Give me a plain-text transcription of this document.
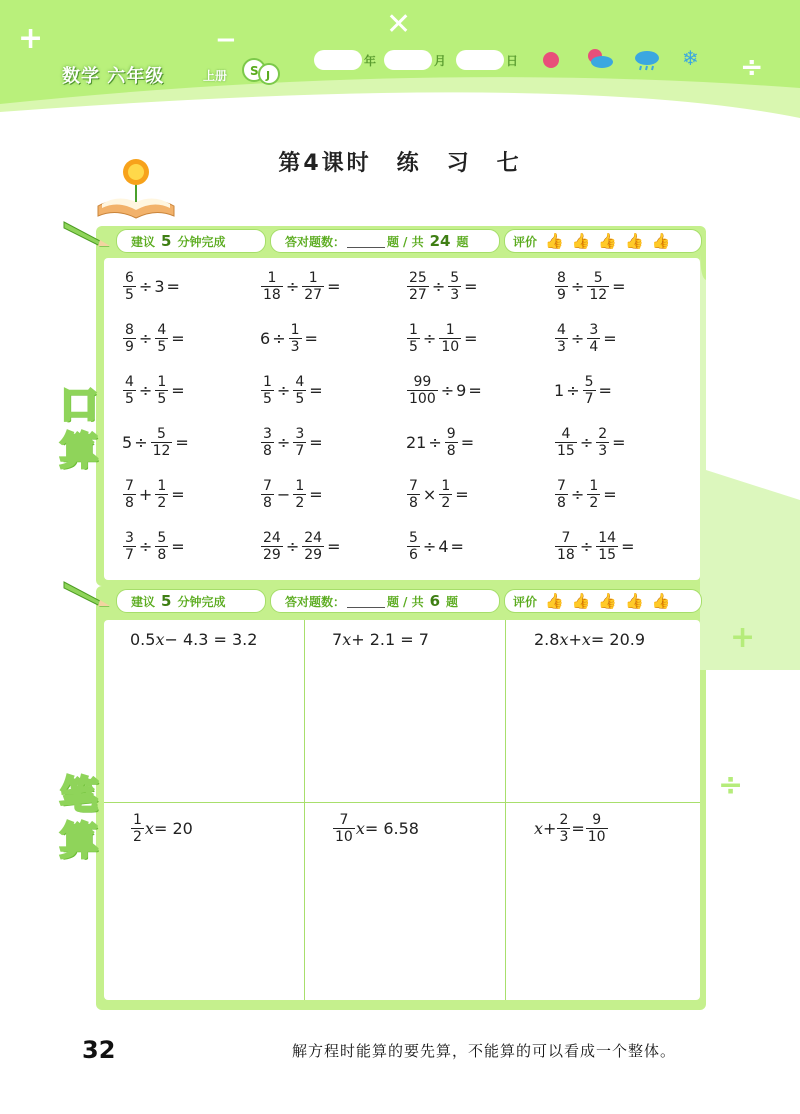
+	✕
−
÷
数学 六年级	上册 S J
年	月	日	❄
第4课时　练　习　七
+
÷
建议 5 分钟完成	答对题数：	题 / 共 24 题	评价 👍👍👍👍👍
建议 5 分钟完成	答对题数：	题 / 共 6 题	评价 👍👍👍👍👍
口
算
笔
算
$\frac{6}{5} \div 3$ =	$\frac{1}{18} \div \frac{1}{27}$ =	$\frac{25}{27} \div \frac{5}{3}$ =	$\frac{8}{9} \div \frac{5}{12}$ =
$\frac{8}{9} \div \frac{4}{5}$ =	$6 \div \frac{1}{3}$ =	$\frac{1}{5} \div \frac{1}{10}$ =	$\frac{4}{3} \div \frac{3}{4}$ =
$\frac{4}{5} \div \frac{1}{5}$ =	$\frac{1}{5} \div \frac{4}{5}$ =	$\frac{99}{100} \div 9$ =	$1 \div \frac{5}{7}$ =
$5 \div \frac{5}{12}$ =	$\frac{3}{8} \div \frac{3}{7}$ =	$21 \div \frac{9}{8}$ =	$\frac{4}{15} \div \frac{2}{3}$ =
$\frac{7}{8} + \frac{1}{2}$ =	$\frac{7}{8} - \frac{1}{2}$ =	$\frac{7}{8} \times \frac{1}{2}$ =	$\frac{7}{8} \div \frac{1}{2}$ =
$\frac{3}{7} \div \frac{5}{8}$ =	$\frac{24}{29} \div \frac{24}{29}$ =	$\frac{5}{6} \div 4$ =	$\frac{7}{18} \div \frac{14}{15}$ =
0.5 x − 4.3 = 3.2	7 x + 2.1 = 7	2.8 x + x = 20.9
$\frac{1}{2}$ x = 20	$\frac{7}{10}$ x = 6.58	$x + \frac{2}{3} = \frac{9}{10}$
32	解方程时能算的要先算，不能算的可以看成一个整体。
